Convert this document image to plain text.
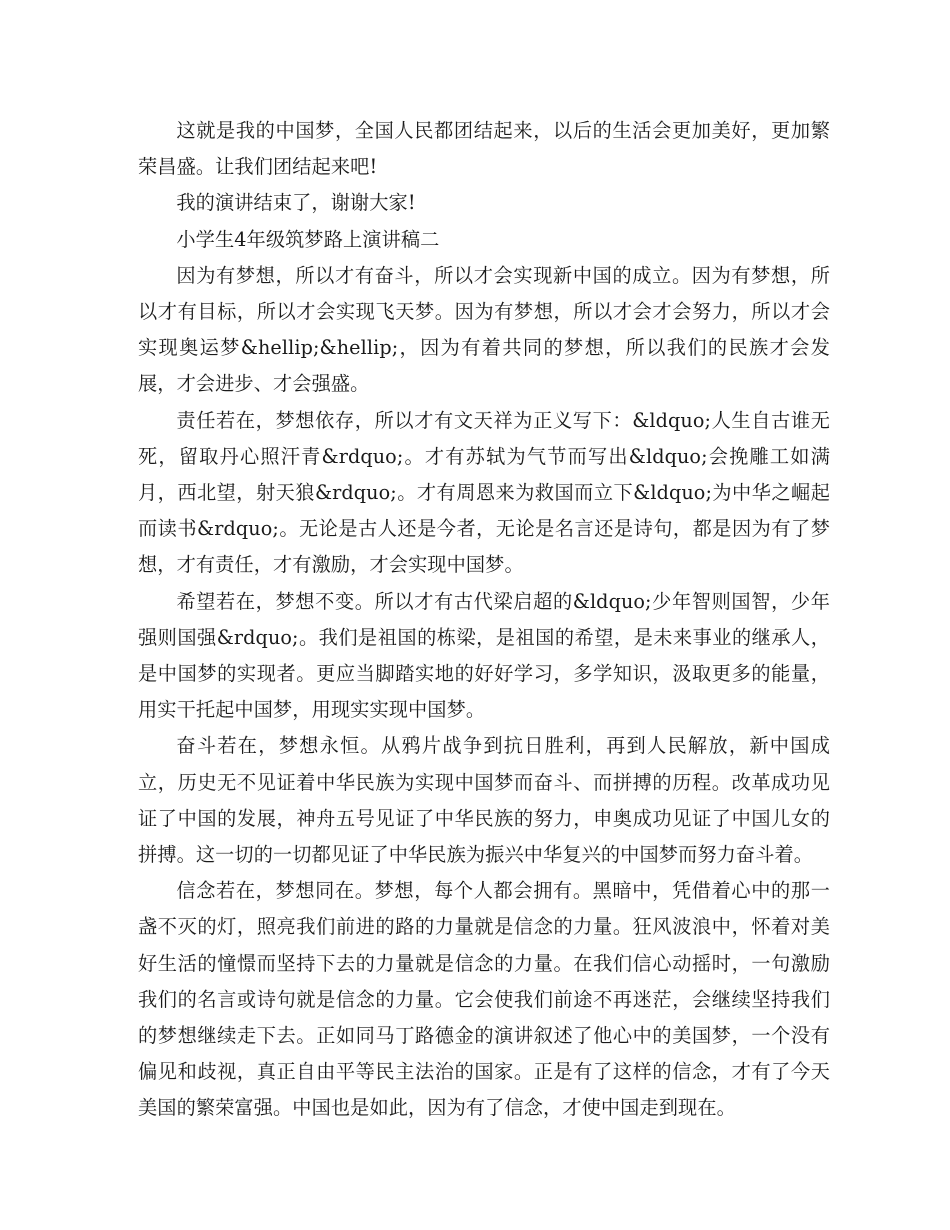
这就是我的中国梦，全国人民都团结起来，以后的生活会更加美好，更加繁荣昌盛。让我们团结起来吧!

我的演讲结束了，谢谢大家!

小学生4年级筑梦路上演讲稿二

因为有梦想，所以才有奋斗，所以才会实现新中国的成立。因为有梦想，所以才有目标，所以才会实现飞天梦。因为有梦想，所以才会才会努力，所以才会实现奥运梦&hellip;&hellip;，因为有着共同的梦想，所以我们的民族才会发展，才会进步、才会强盛。

责任若在，梦想依存，所以才有文天祥为正义写下：&ldquo;人生自古谁无死，留取丹心照汗青&rdquo;。才有苏轼为气节而写出&ldquo;会挽雕工如满月，西北望，射天狼&rdquo;。才有周恩来为救国而立下&ldquo;为中华之崛起而读书&rdquo;。无论是古人还是今者，无论是名言还是诗句，都是因为有了梦想，才有责任，才有激励，才会实现中国梦。

希望若在，梦想不变。所以才有古代梁启超的&ldquo;少年智则国智，少年强则国强&rdquo;。我们是祖国的栋梁，是祖国的希望，是未来事业的继承人，是中国梦的实现者。更应当脚踏实地的好好学习，多学知识，汲取更多的能量，用实干托起中国梦，用现实实现中国梦。

奋斗若在，梦想永恒。从鸦片战争到抗日胜利，再到人民解放，新中国成立，历史无不见证着中华民族为实现中国梦而奋斗、而拼搏的历程。改革成功见证了中国的发展，神舟五号见证了中华民族的努力，申奥成功见证了中国儿女的拼搏。这一切的一切都见证了中华民族为振兴中华复兴的中国梦而努力奋斗着。

信念若在，梦想同在。梦想，每个人都会拥有。黑暗中，凭借着心中的那一盏不灭的灯，照亮我们前进的路的力量就是信念的力量。狂风波浪中，怀着对美好生活的憧憬而坚持下去的力量就是信念的力量。在我们信心动摇时，一句激励我们的名言或诗句就是信念的力量。它会使我们前途不再迷茫，会继续坚持我们的梦想继续走下去。正如同马丁路德金的演讲叙述了他心中的美国梦，一个没有偏见和歧视，真正自由平等民主法治的国家。正是有了这样的信念，才有了今天美国的繁荣富强。中国也是如此，因为有了信念，才使中国走到现在。
